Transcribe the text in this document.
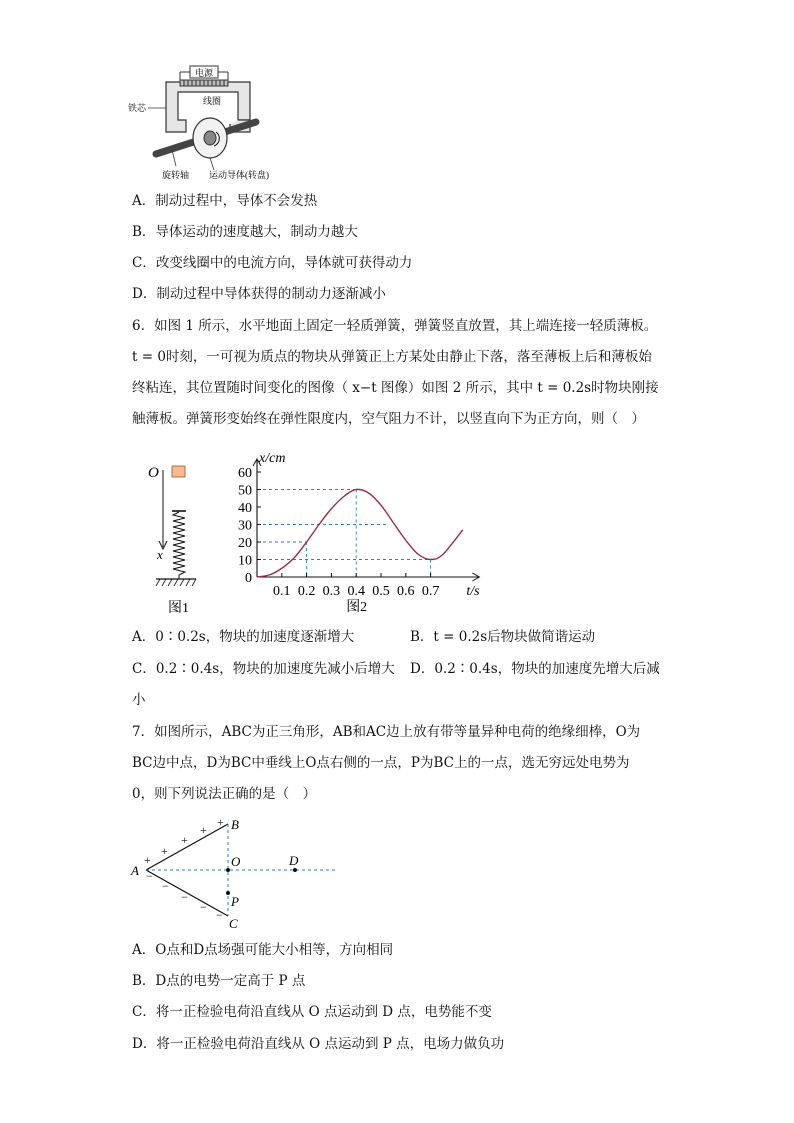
电源
线圈
铁芯
旋转轴 运动导体(转盘)
A．制动过程中，导体不会发热
B．导体运动的速度越大，制动力越大
C．改变线圈中的电流方向，导体就可获得动力
D．制动过程中导体获得的制动力逐渐减小
6．如图 1 所示，水平地面上固定一轻质弹簧，弹簧竖直放置，其上端连接一轻质薄板。
t = 0时刻，一可视为质点的物块从弹簧正上方某处由静止下落，落至薄板上后和薄板始
终粘连，其位置随时间变化的图像（ x−t 图像）如图 2 所示，其中 t = 0.2s时物块刚接
触薄板。弹簧形变始终在弹性限度内，空气阻力不计，以竖直向下为正方向，则（　）
O
x
图1
0
10
20
30
40
50
60
0.1 0.2 0.3 0.4 0.5 0.6 0.7
x/cm
t/s
图2
A．0∶0.2s，物块的加速度逐渐增大	B．t = 0.2s后物块做简谐运动
C．0.2∶0.4s，物块的加速度先减小后增大 D．0.2∶0.4s，物块的加速度先增大后减
小
7．如图所示，ABC为正三角形，AB和AC边上放有带等量异种电荷的绝缘细棒，O为
BC边中点，D为BC中垂线上O点右侧的一点，P为BC上的一点，选无穷远处电势为
0，则下列说法正确的是（　）
+
+
+
+
+
−
−
−
−
−
A
B
C
O	D
P
A．O点和D点场强可能大小相等，方向相同
B．D点的电势一定高于 P 点
C．将一正检验电荷沿直线从 O 点运动到 D 点，电势能不变
D．将一正检验电荷沿直线从 O 点运动到 P 点，电场力做负功
